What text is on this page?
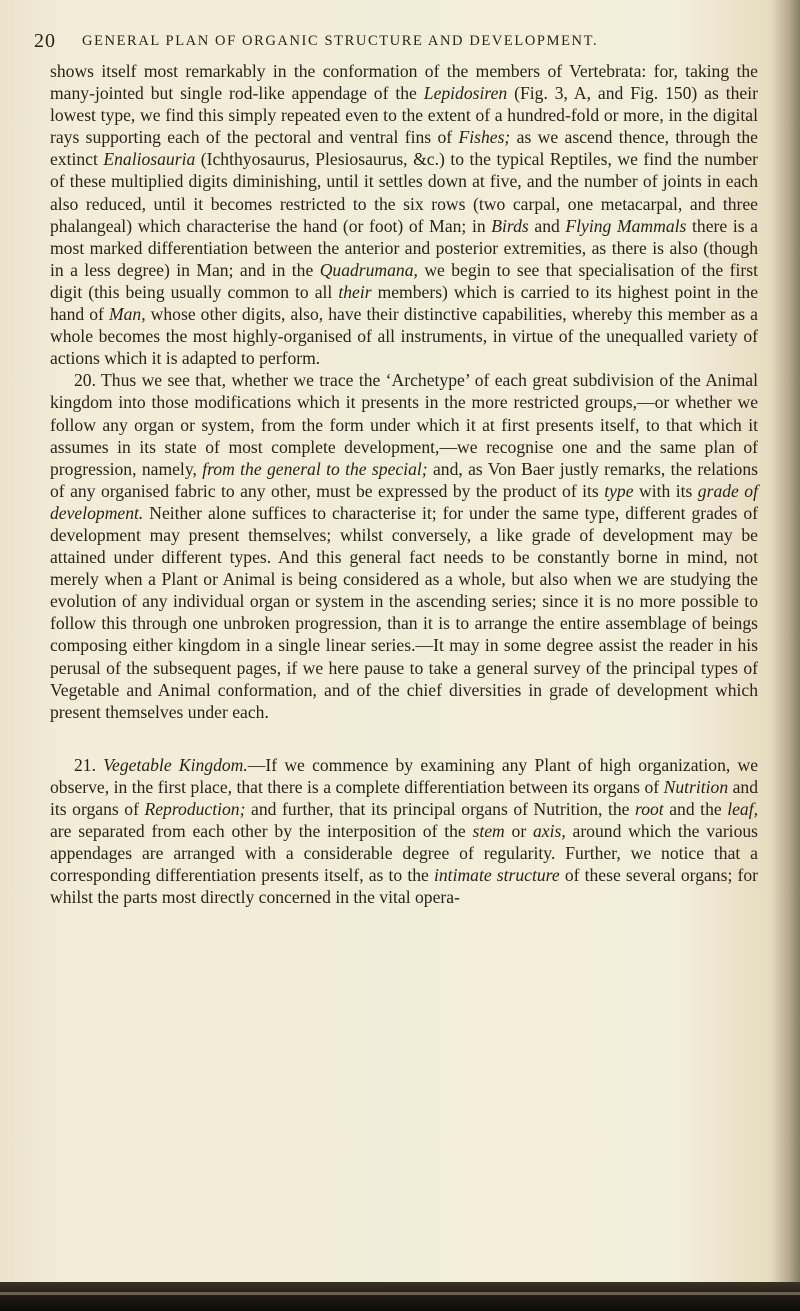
20 GENERAL PLAN OF ORGANIC STRUCTURE AND DEVELOPMENT.

shows itself most remarkably in the conformation of the members of Vertebrata: for, taking the many-jointed but single rod-like appendage of the Lepidosiren (Fig. 3, A, and Fig. 150) as their lowest type, we find this simply repeated even to the extent of a hundred-fold or more, in the digital rays supporting each of the pectoral and ventral fins of Fishes; as we ascend thence, through the extinct Enaliosauria (Ichthyosaurus, Plesiosaurus, &c.) to the typical Reptiles, we find the number of these multiplied digits diminishing, until it settles down at five, and the number of joints in each also reduced, until it becomes restricted to the six rows (two carpal, one metacarpal, and three phalangeal) which characterise the hand (or foot) of Man; in Birds and Flying Mammals there is a most marked differentiation between the anterior and posterior extremities, as there is also (though in a less degree) in Man; and in the Quadrumana, we begin to see that specialisation of the first digit (this being usually common to all their members) which is carried to its highest point in the hand of Man, whose other digits, also, have their distinctive capabilities, whereby this member as a whole becomes the most highly-organised of all instruments, in virtue of the unequalled variety of actions which it is adapted to perform.

20. Thus we see that, whether we trace the ‘Archetype’ of each great subdivision of the Animal kingdom into those modifications which it presents in the more restricted groups,—or whether we follow any organ or system, from the form under which it at first presents itself, to that which it assumes in its state of most complete development,—we recognise one and the same plan of progression, namely, from the general to the special; and, as Von Baer justly remarks, the relations of any organised fabric to any other, must be expressed by the product of its type with its grade of development. Neither alone suffices to characterise it; for under the same type, different grades of development may present themselves; whilst conversely, a like grade of development may be attained under different types. And this general fact needs to be constantly borne in mind, not merely when a Plant or Animal is being considered as a whole, but also when we are studying the evolution of any individual organ or system in the ascending series; since it is no more possible to follow this through one unbroken progression, than it is to arrange the entire assemblage of beings composing either kingdom in a single linear series.—It may in some degree assist the reader in his perusal of the subsequent pages, if we here pause to take a general survey of the principal types of Vegetable and Animal conformation, and of the chief diversities in grade of development which present themselves under each.

21. Vegetable Kingdom.—If we commence by examining any Plant of high organization, we observe, in the first place, that there is a complete differentiation between its organs of Nutrition and its organs of Reproduction; and further, that its principal organs of Nutrition, the root and the leaf, are separated from each other by the interposition of the stem or axis, around which the various appendages are arranged with a considerable degree of regularity. Further, we notice that a corresponding differentiation presents itself, as to the intimate structure of these several organs; for whilst the parts most directly concerned in the vital opera-
